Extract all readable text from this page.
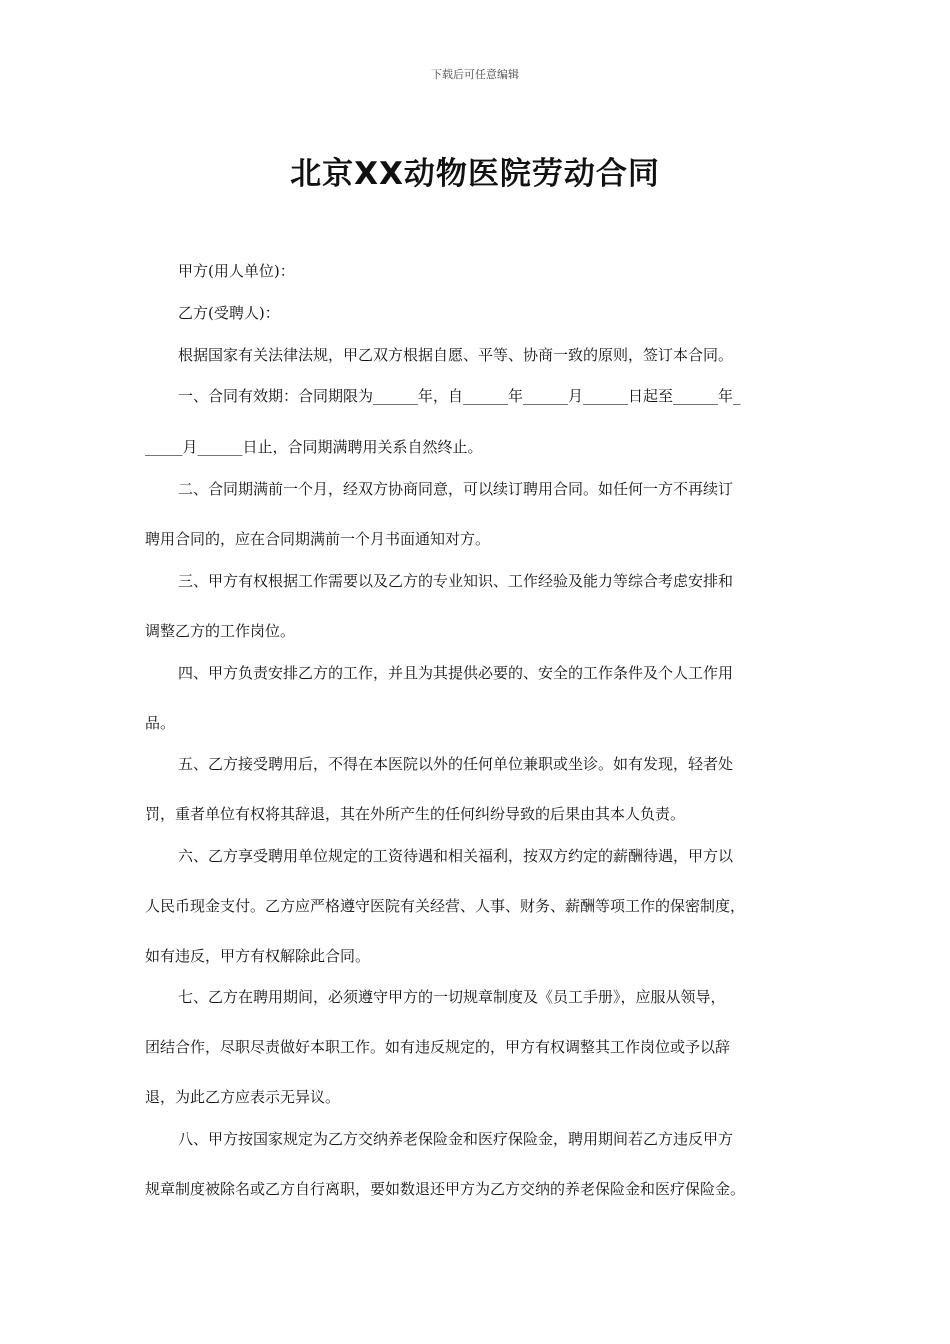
下载后可任意编辑
北京XX动物医院劳动合同
甲方(用人单位)：
乙方(受聘人)：
根据国家有关法律法规，甲乙双方根据自愿、平等、协商一致的原则，签订本合同。
一、合同有效期：合同期限为______年，自______年______月______日起至______年_
_____月______日止，合同期满聘用关系自然终止。
二、合同期满前一个月，经双方协商同意，可以续订聘用合同。如任何一方不再续订
聘用合同的，应在合同期满前一个月书面通知对方。
三、甲方有权根据工作需要以及乙方的专业知识、工作经验及能力等综合考虑安排和
调整乙方的工作岗位。
四、甲方负责安排乙方的工作，并且为其提供必要的、安全的工作条件及个人工作用
品。
五、乙方接受聘用后，不得在本医院以外的任何单位兼职或坐诊。如有发现，轻者处
罚，重者单位有权将其辞退，其在外所产生的任何纠纷导致的后果由其本人负责。
六、乙方享受聘用单位规定的工资待遇和相关福利，按双方约定的薪酬待遇，甲方以
人民币现金支付。乙方应严格遵守医院有关经营、人事、财务、薪酬等项工作的保密制度，
如有违反，甲方有权解除此合同。
七、乙方在聘用期间，必须遵守甲方的一切规章制度及《员工手册》，应服从领导，
团结合作，尽职尽责做好本职工作。如有违反规定的，甲方有权调整其工作岗位或予以辞
退，为此乙方应表示无异议。
八、甲方按国家规定为乙方交纳养老保险金和医疗保险金，聘用期间若乙方违反甲方
规章制度被除名或乙方自行离职，要如数退还甲方为乙方交纳的养老保险金和医疗保险金。
